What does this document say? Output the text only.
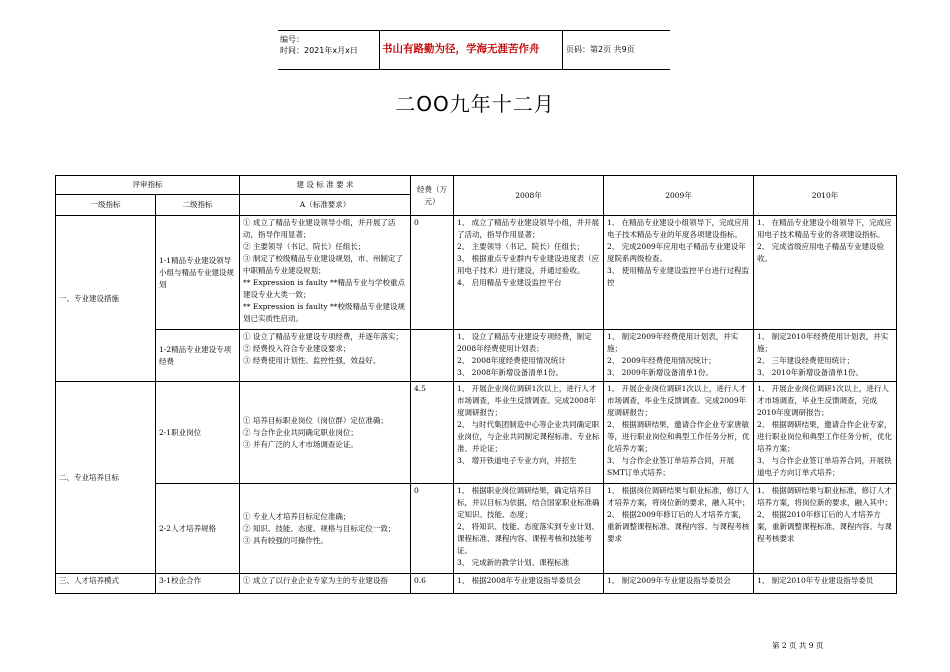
编号：
时间：2021年x月x日 书山有路勤为径，学海无涯苦作舟	页码：第2页 共9页
二OO九年十二月
评审指标		建 设 标 准 要 求	经费（万元）	2008年	2009年	2010年
一级指标	二级指标	A（标准要求）				
一、专业建设措施	1-1精品专业建设领导小组与精品专业建设规划	① 成立了精品专业建设领导小组，并开展了活动，指导作用显著；
② 主要领导（书记、院长）任组长；
③ 制定了校级精品专业建设规划，市、州制定了中职精品专业建设规划；
** Expression is faulty **精品专业与学校重点建设专业大类一致；
** Expression is faulty **校级精品专业建设规划已实质性启动。	0	1、 成立了精品专业建设领导小组，并开展了活动，指导作用显著；
2、 主要领导（书记、院长）任组长；
3、 根据重点专业群内专业建设进度表（应用电子技术）进行建设，并通过验收。
4、 启用精品专业建设监控平台	1、 在精品专业建设小组领导下，完成应用电子技术精品专业的年度各项建设指标。
2、 完成2009年应用电子精品专业建设年度院系两级检查。
3、 使用精品专业建设监控平台进行过程监控	1、 在精品专业建设小组领导下，完成应用电子技术精品专业的各项建设指标。
2、 完成省级应用电子精品专业建设验收。
	1-2精品专业建设专项经费	① 设立了精品专业建设专项经费，并逐年落实；
② 经费投入符合专业建设要求；
③ 经费使用计划性、监控性强，效益好。		1、 设立了精品专业建设专项经费，制定2008年经费使用计划表；
2、 2008年度经费使用情况统计
3、 2008年新增设备清单1份。	1、 制定2009年经费使用计划表，并实施；
2、 2009年经费使用情况统计；
3、 2009年新增设备清单1份。	1、 制定2010年经费使用计划表，并实施；
2、 三年建设经费使用统计；
3、 2010年新增设备清单1份。
二、专业培养目标	2-1职业岗位	① 培养目标职业岗位（岗位群）定位准确；
② 与合作企业共同确定职业岗位；
③ 并有广泛的人才市场调查论证。	4.5	1、 开展企业岗位调研1次以上，进行人才市场调查，毕业生反馈调查。完成2008年度调研报告；
2、 与时代集团制造中心等企业共同确定职业岗位，与企业共同制定课程标准、专业标准、并论证；
3、 增开铁道电子专业方向，并招生	1、 开展企业岗位调研1次以上，进行人才市场调查，毕业生反馈调查。完成2009年度调研报告；
2、 根据调研结果，邀请合作企业专家唐敏等，进行职业岗位和典型工作任务分析，优化培养方案；
3、 与合作企业签订单培养合同，开展SMT订单式培养；	1、 开展企业岗位调研1次以上，进行人才市场调查，毕业生反馈调查，完成2010年度调研报告；
2、 根据调研结果，邀请合作企业专家，进行职业岗位和典型工作任务分析，优化培养方案；
3、 与合作企业签订单培养合同，开展铁道电子方向订单式培养；
	2-2人才培养规格	① 专业人才培养目标定位准确；
② 知识、技能、态度、规格与目标定位一致；
③ 具有较强的可操作性。	0	1、 根据职业岗位调研结果，确定培养目标，并以目标为依据，结合国家职业标准确定知识、技能、态度；
2、 将知识、技能、态度落实到专业计划、课程标准、课程内容、课程考核和技能考证。
3、 完成新的教学计划、课程标准	1、 根据岗位调研结果与职业标准，修订人才培养方案，将岗位新的要求，融入其中；
2、 根据2009年修订后的人才培养方案，重新调整课程标准、课程内容、与课程考核要求	1、 根据调研结果与职业标准，修订人才培养方案，将岗位新的要求，融入其中；
2、 根据2010年修订后的人才培养方案，重新调整课程标准、课程内容、与课程考核要求
三、人才培养模式	3-1校企合作	① 成立了以行业企业专家为主的专业建设指	0.6	1、 根据2008年专业建设指导委员会	1、 制定2009年专业建设指导委员会	1、 制定2010年专业建设指导委员
第 2 页 共 9 页
